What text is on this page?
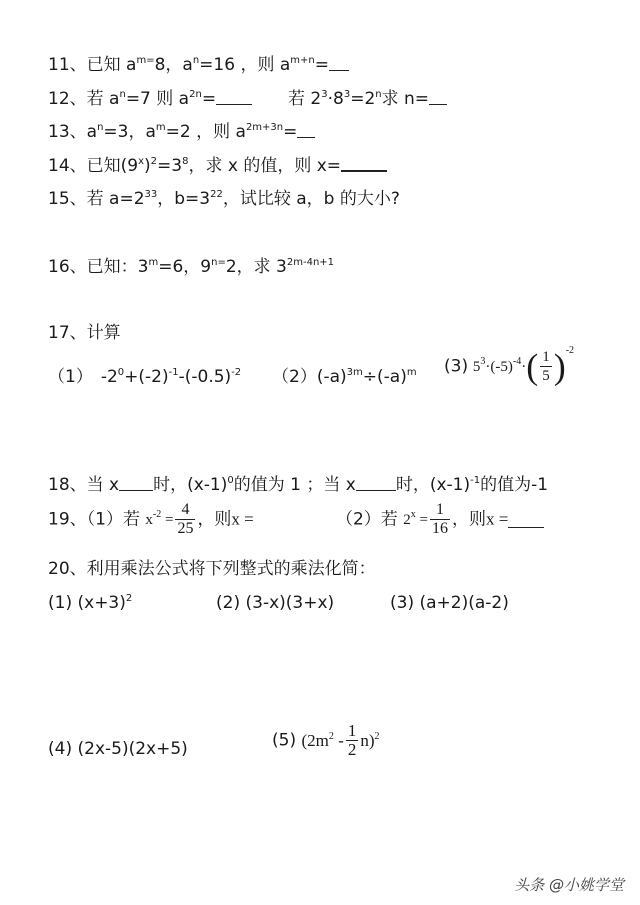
11、已知 $a^{m=}8$，$a^n=16$ ，则 $a^{m+n}=$
12、若 $a^n=7$ 则 $a^{2n}=$	若 $2^3\cdot 8^3=2^n$求 n=
13、$a^n=3$，$a^m=2$ ，则 $a^{2m+3n}=$
14、已知$(9^x)^2=3^8$，求 x 的值，则 x=
15、若 $a=2^{33}$，$b=3^{22}$，试比较 a，b 的大小?
16、已知：$3^m=6$，$9^{n=}2$，求 $3^{2m-4n+1}$
17、计算
（1） $-2^0+(-2)^{-1}-(-0.5)^{-2}$ $(2)(-a)^{3m}\div(-a)^m$ (3) $5^3\cdot(-5)^{-4}\cdot( \frac{1}{5} )^{-2}$
18、当 x 时，$(x-1)^0$的值为 1 ；当 x 时，$(x-1)^{-1}$的值为-1
19、（1）若 $x^{-2} = \frac{4}{25}$ ，则x =	（2）若 $2^x = \frac{1}{16}$ ，则x =
20、利用乘法公式将下列整式的乘法化简：
(1) $(x+3)^2$	(2) (3-x)(3+x)	(3) (a+2)(a-2)
(4) (2x-5)(2x+5)	(5) $(2m^2 - \frac{1}{2} n)^2$
头条 @小姚学堂
